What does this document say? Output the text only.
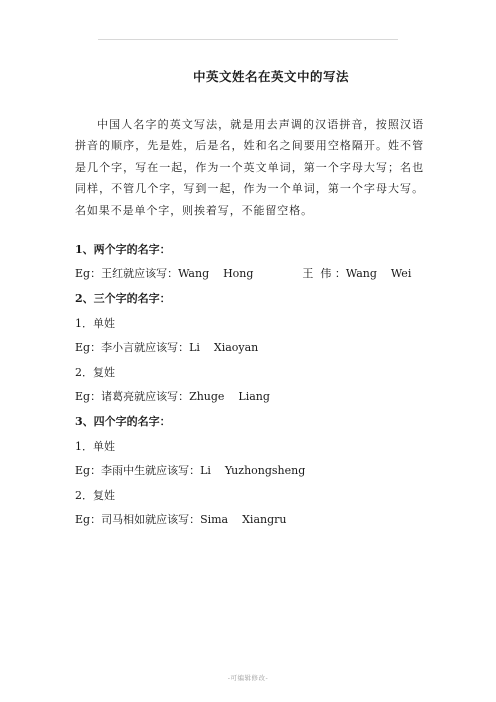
中英文姓名在英文中的写法
中国人名字的英文写法，就是用去声调的汉语拼音，按照汉语拼音的顺序，先是姓，后是名，姓和名之间要用空格隔开。姓不管是几个字，写在一起，作为一个英文单词，第一个字母大写；名也同样，不管几个字，写到一起，作为一个单词，第一个字母大写。名如果不是单个字，则挨着写，不能留空格。
1、两个字的名字：
Eg：王红就应该写：Wang    Hong              王  伟 ：Wang    Wei
2、三个字的名字：
1．单姓
Eg：李小言就应该写：Li    Xiaoyan
2．复姓
Eg：诸葛亮就应该写：Zhuge    Liang
3、四个字的名字：
1．单姓
Eg：李雨中生就应该写：Li    Yuzhongsheng
2．复姓
Eg：司马相如就应该写：Sima    Xiangru
-可编辑修改-
